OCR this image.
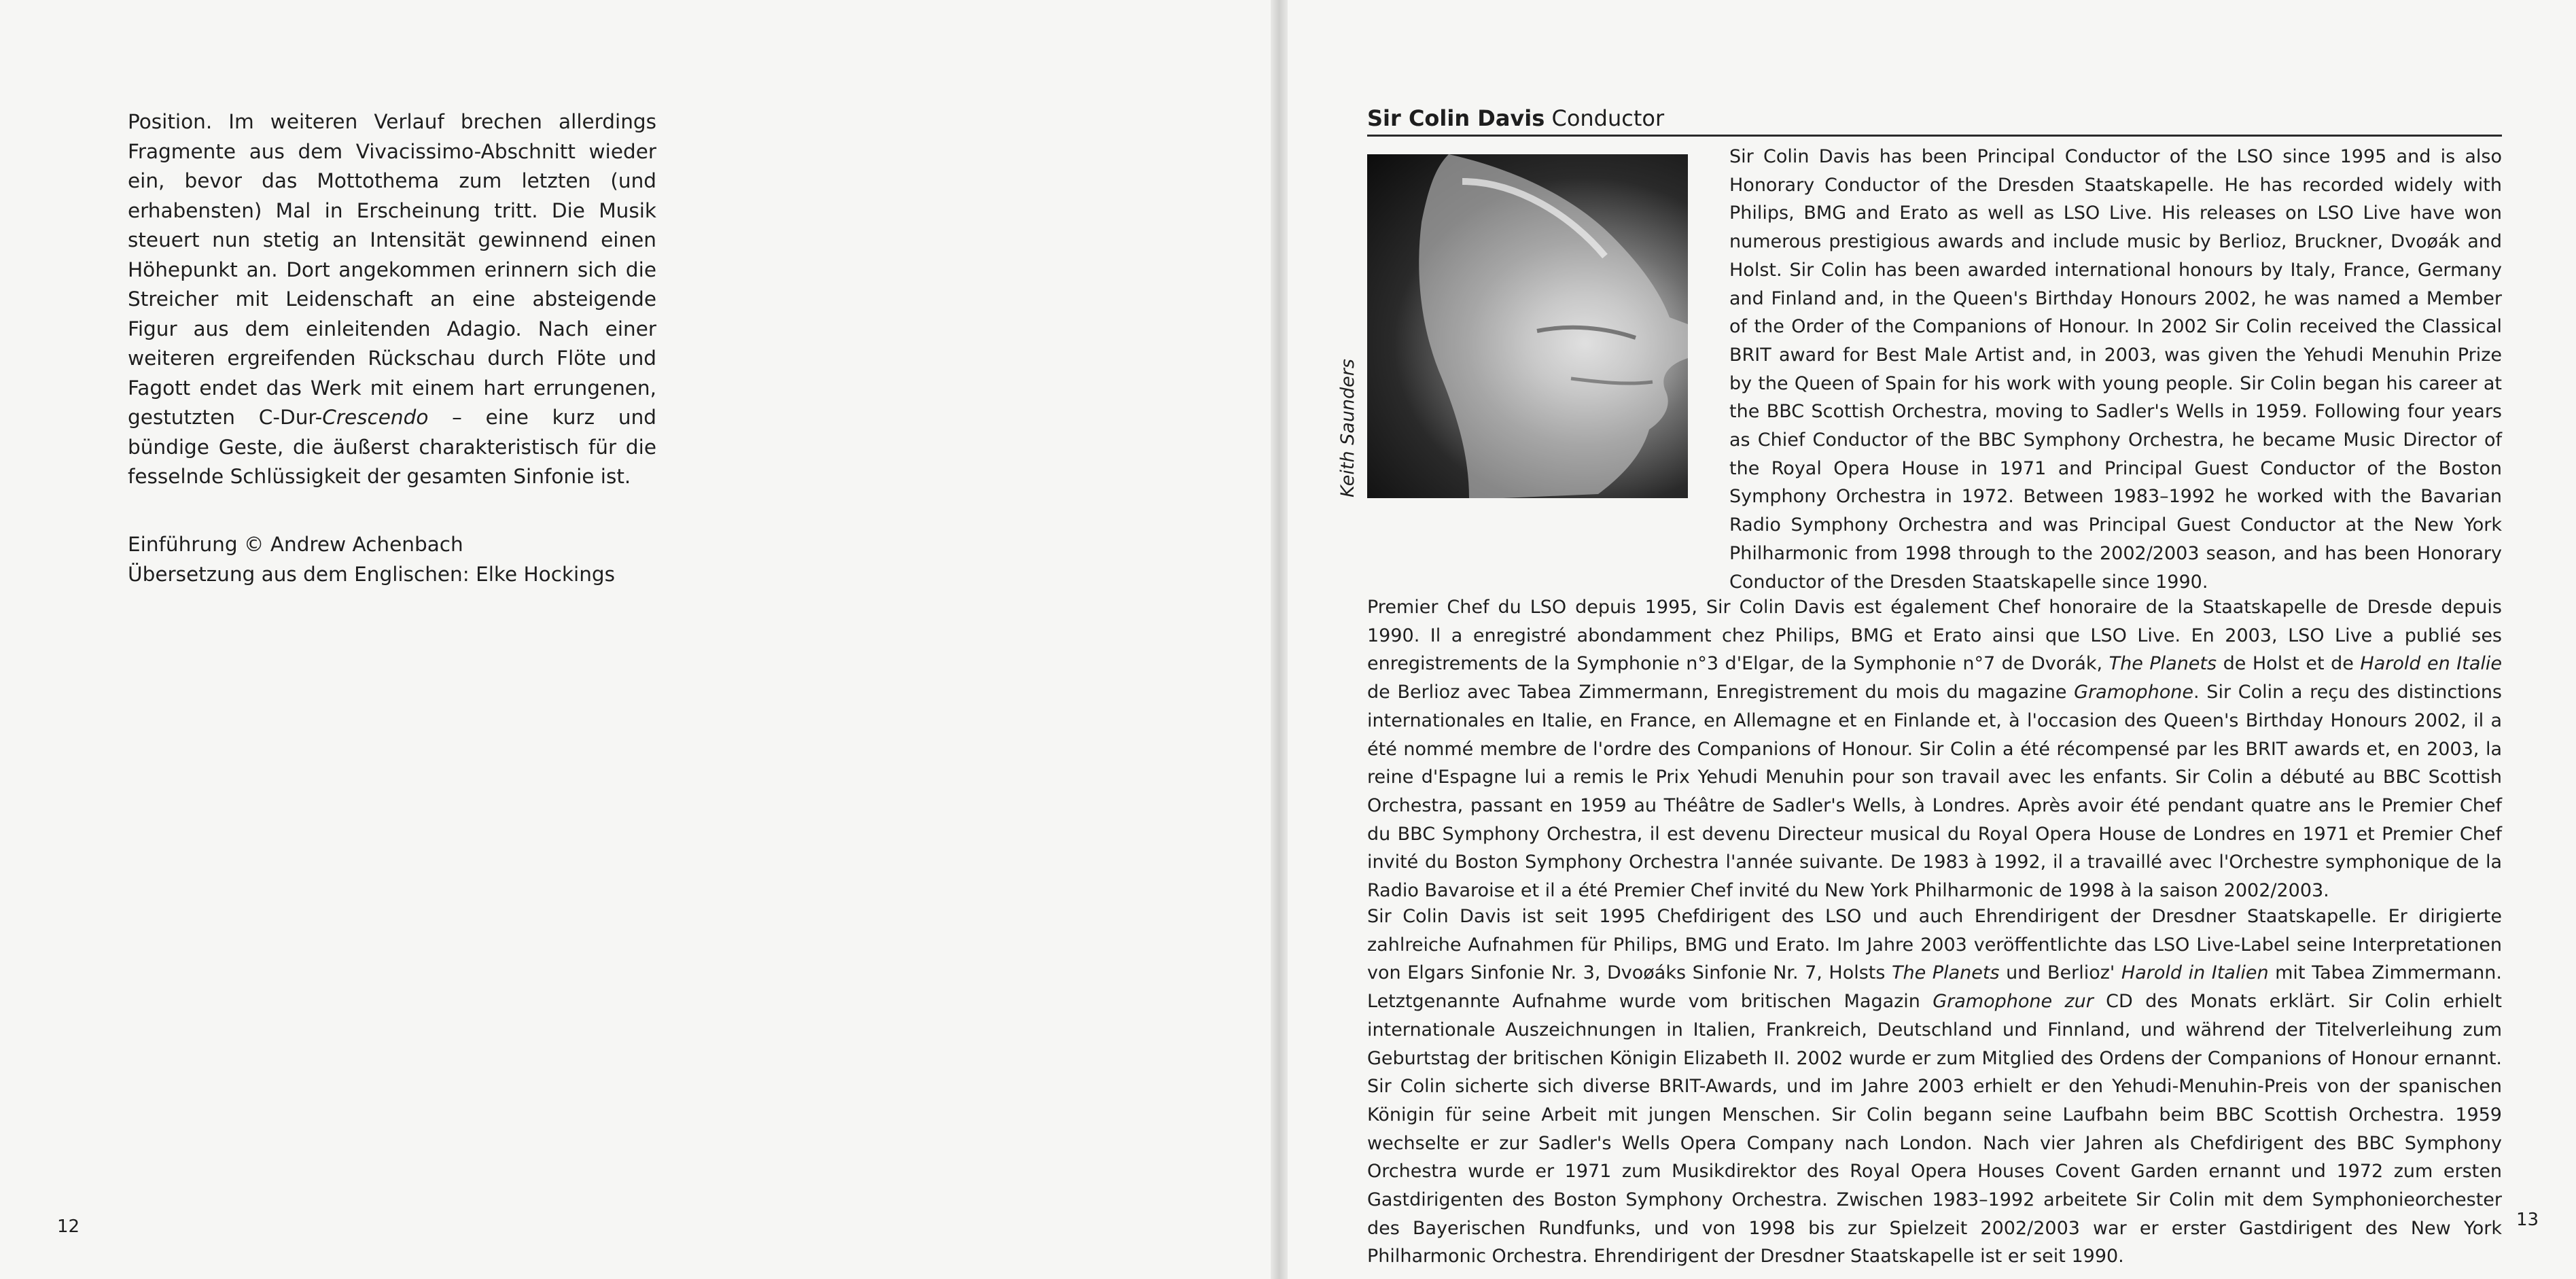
Position. Im weiteren Verlauf brechen allerdings Fragmente aus dem Vivacissimo-Abschnitt wieder ein, bevor das Mottothema zum letzten (und erhabensten) Mal in Erscheinung tritt. Die Musik steuert nun stetig an Intensität gewinnend einen Höhepunkt an. Dort angekommen erinnern sich die Streicher mit Leidenschaft an eine absteigende Figur aus dem einleitenden Adagio. Nach einer weiteren ergreifenden Rückschau durch Flöte und Fagott endet das Werk mit einem hart errungenen, gestutzten C-Dur-Crescendo – eine kurz und bündige Geste, die äußerst charakteristisch für die fesselnde Schlüssigkeit der gesamten Sinfonie ist.

Einführung © Andrew Achenbach
Übersetzung aus dem Englischen: Elke Hockings
12
Sir Colin Davis Conductor
Keith Saunders

Sir Colin Davis has been Principal Conductor of the LSO since 1995 and is also Honorary Conductor of the Dresden Staatskapelle. He has recorded widely with Philips, BMG and Erato as well as LSO Live. His releases on LSO Live have won numerous prestigious awards and include music by Berlioz, Bruckner, Dvoøák and Holst. Sir Colin has been awarded international honours by Italy, France, Germany and Finland and, in the Queen's Birthday Honours 2002, he was named a Member of the Order of the Companions of Honour. In 2002 Sir Colin received the Classical BRIT award for Best Male Artist and, in 2003, was given the Yehudi Menuhin Prize by the Queen of Spain for his work with young people. Sir Colin began his career at the BBC Scottish Orchestra, moving to Sadler's Wells in 1959. Following four years as Chief Conductor of the BBC Symphony Orchestra, he became Music Director of the Royal Opera House in 1971 and Principal Guest Conductor of the Boston Symphony Orchestra in 1972. Between 1983–1992 he worked with the Bavarian Radio Symphony Orchestra and was Principal Guest Conductor at the New York Philharmonic from 1998 through to the 2002/2003 season, and has been Honorary Conductor of the Dresden Staatskapelle since 1990.

Premier Chef du LSO depuis 1995, Sir Colin Davis est également Chef honoraire de la Staatskapelle de Dresde depuis 1990. Il a enregistré abondamment chez Philips, BMG et Erato ainsi que LSO Live. En 2003, LSO Live a publié ses enregistrements de la Symphonie n°3 d'Elgar, de la Symphonie n°7 de Dvorák, The Planets de Holst et de Harold en Italie de Berlioz avec Tabea Zimmermann, Enregistrement du mois du magazine Gramophone. Sir Colin a reçu des distinctions internationales en Italie, en France, en Allemagne et en Finlande et, à l'occasion des Queen's Birthday Honours 2002, il a été nommé membre de l'ordre des Companions of Honour. Sir Colin a été récompensé par les BRIT awards et, en 2003, la reine d'Espagne lui a remis le Prix Yehudi Menuhin pour son travail avec les enfants. Sir Colin a débuté au BBC Scottish Orchestra, passant en 1959 au Théâtre de Sadler's Wells, à Londres. Après avoir été pendant quatre ans le Premier Chef du BBC Symphony Orchestra, il est devenu Directeur musical du Royal Opera House de Londres en 1971 et Premier Chef invité du Boston Symphony Orchestra l'année suivante. De 1983 à 1992, il a travaillé avec l'Orchestre symphonique de la Radio Bavaroise et il a été Premier Chef invité du New York Philharmonic de 1998 à la saison 2002/2003.

Sir Colin Davis ist seit 1995 Chefdirigent des LSO und auch Ehrendirigent der Dresdner Staatskapelle. Er dirigierte zahlreiche Aufnahmen für Philips, BMG und Erato. Im Jahre 2003 veröffentlichte das LSO Live-Label seine Interpretationen von Elgars Sinfonie Nr. 3, Dvoøáks Sinfonie Nr. 7, Holsts The Planets und Berlioz' Harold in Italien mit Tabea Zimmermann. Letztgenannte Aufnahme wurde vom britischen Magazin Gramophone zur CD des Monats erklärt. Sir Colin erhielt internationale Auszeichnungen in Italien, Frankreich, Deutschland und Finnland, und während der Titelverleihung zum Geburtstag der britischen Königin Elizabeth II. 2002 wurde er zum Mitglied des Ordens der Companions of Honour ernannt. Sir Colin sicherte sich diverse BRIT-Awards, und im Jahre 2003 erhielt er den Yehudi-Menuhin-Preis von der spanischen Königin für seine Arbeit mit jungen Menschen. Sir Colin begann seine Laufbahn beim BBC Scottish Orchestra. 1959 wechselte er zur Sadler's Wells Opera Company nach London. Nach vier Jahren als Chefdirigent des BBC Symphony Orchestra wurde er 1971 zum Musikdirektor des Royal Opera Houses Covent Garden ernannt und 1972 zum ersten Gastdirigenten des Boston Symphony Orchestra. Zwischen 1983–1992 arbeitete Sir Colin mit dem Symphonieorchester des Bayerischen Rundfunks, und von 1998 bis zur Spielzeit 2002/2003 war er erster Gastdirigent des New York Philharmonic Orchestra. Ehrendirigent der Dresdner Staatskapelle ist er seit 1990.

13
